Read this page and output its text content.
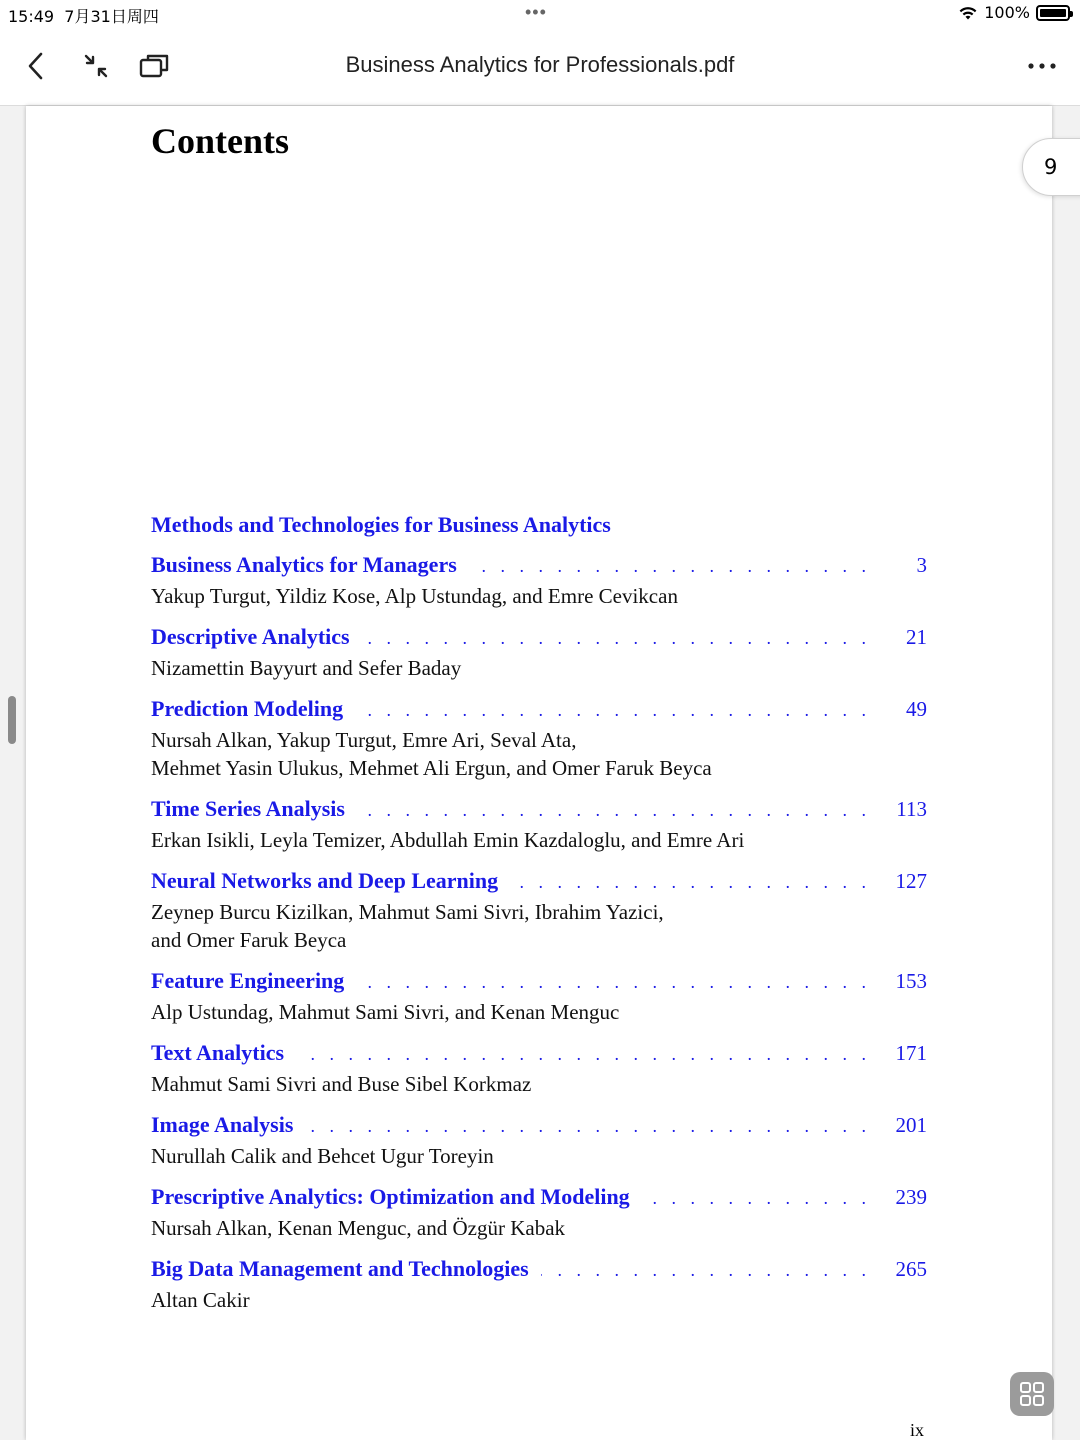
15:49 7月31日周四	•••	100%
Business Analytics for Professionals.pdf
Contents
Methods and Technologies for Business Analytics
Business Analytics for Managers . . .	3
Yakup Turgut, Yildiz Kose, Alp Ustundag, and Emre Cevikcan
Descriptive Analytics . . .	21
Nizamettin Bayyurt and Sefer Baday
Prediction Modeling . . .	49
Nursah Alkan, Yakup Turgut, Emre Ari, Seval Ata,
Mehmet Yasin Ulukus, Mehmet Ali Ergun, and Omer Faruk Beyca
Time Series Analysis . . .	113
Erkan Isikli, Leyla Temizer, Abdullah Emin Kazdaloglu, and Emre Ari
Neural Networks and Deep Learning . . .	127
Zeynep Burcu Kizilkan, Mahmut Sami Sivri, Ibrahim Yazici,
and Omer Faruk Beyca
Feature Engineering . . .	153
Alp Ustundag, Mahmut Sami Sivri, and Kenan Menguc
Text Analytics . . .	171
Mahmut Sami Sivri and Buse Sibel Korkmaz
Image Analysis . . .	201
Nurullah Calik and Behcet Ugur Toreyin
Prescriptive Analytics: Optimization and Modeling . . .	239
Nursah Alkan, Kenan Menguc, and Özgür Kabak
Big Data Management and Technologies . . .	265
Altan Cakir
ix
9
